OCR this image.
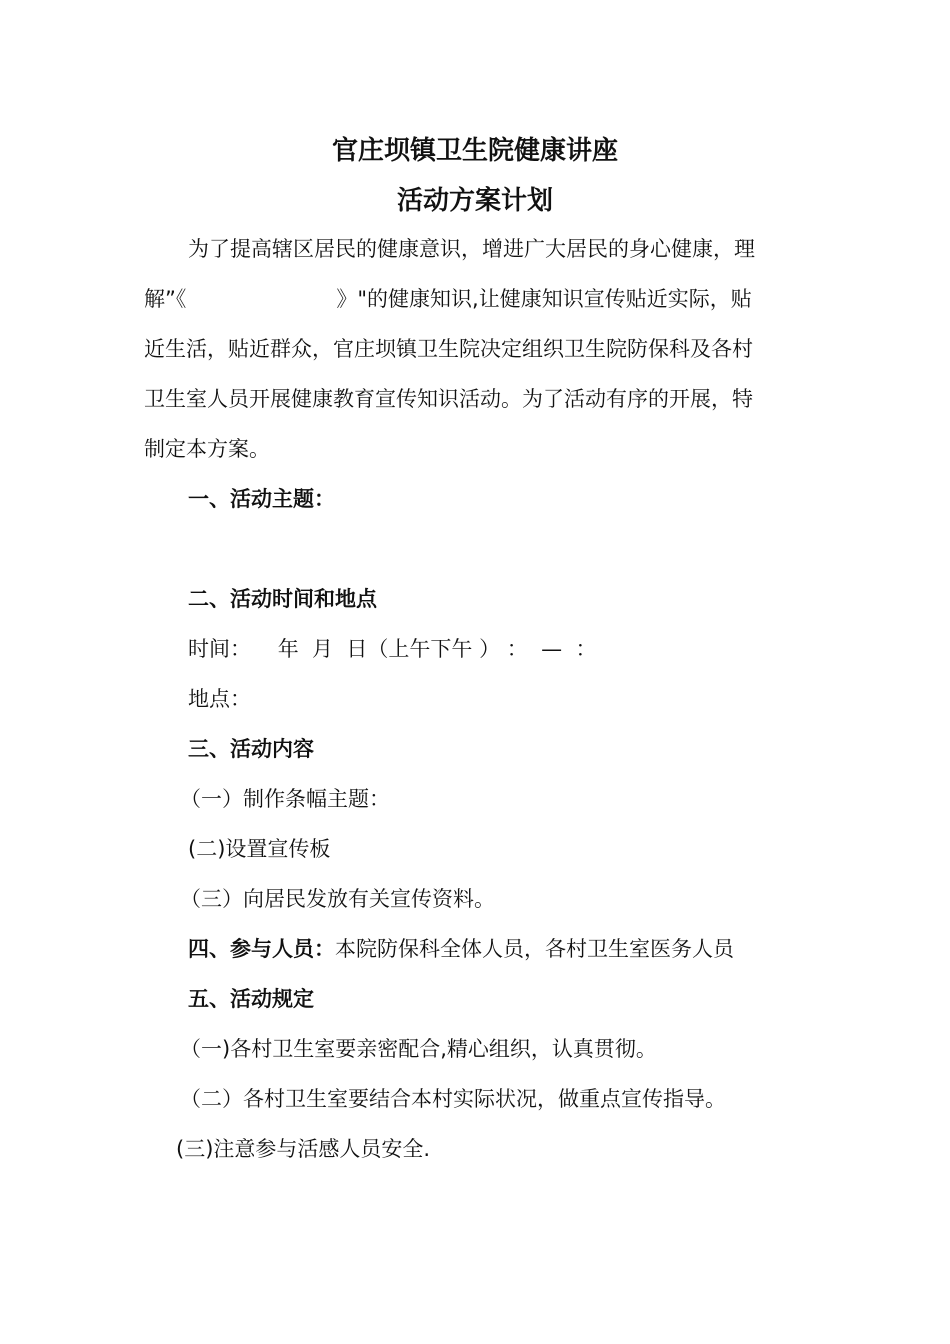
官庄坝镇卫生院健康讲座
活动方案计划

为了提高辖区居民的健康意识，增进广大居民的身心健康，理

解”《	》"的健康知识,让健康知识宣传贴近实际，贴

近生活，贴近群众，官庄坝镇卫生院决定组织卫生院防保科及各村

卫生室人员开展健康教育宣传知识活动。为了活动有序的开展，特

制定本方案。

一、活动主题：

二、活动时间和地点

时间：    年  月  日（上午下午 ） ：  —  ：

地点：

三、活动内容

（一）制作条幅主题：

(二)设置宣传板

（三）向居民发放有关宣传资料。

四、参与人员：本院防保科全体人员，各村卫生室医务人员

五、活动规定

（一)各村卫生室要亲密配合,精心组织，认真贯彻。

（二）各村卫生室要结合本村实际状况，做重点宣传指导。

(三)注意参与活感人员安全.
